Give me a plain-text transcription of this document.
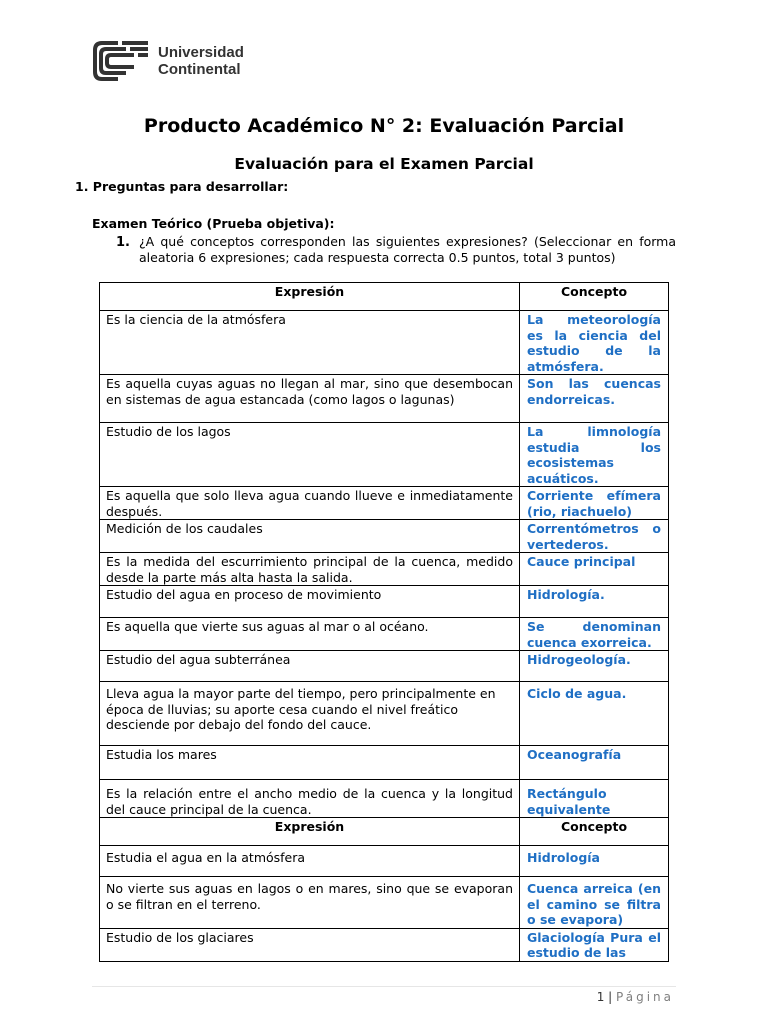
Universidad
Continental
Producto Académico N° 2: Evaluación Parcial
Evaluación para el Examen Parcial
1. Preguntas para desarrollar:
Examen Teórico (Prueba objetiva):
1. ¿A qué conceptos corresponden las siguientes expresiones? (Seleccionar en forma aleatoria 6 expresiones; cada respuesta correcta 0.5 puntos, total 3 puntos)
Expresión	Concepto
Es la ciencia de la atmósfera	La meteorología es la ciencia del estudio de la atmósfera.
Es aquella cuyas aguas no llegan al mar, sino que desembocan en sistemas de agua estancada (como lagos o lagunas)	Son las cuencas endorreicas.
Estudio de los lagos	La limnología estudia los ecosistemas acuáticos.
Es aquella que solo lleva agua cuando llueve e inmediatamente después.	Corriente efímera (rio, riachuelo)
Medición de los caudales	Correntómetros o vertederos.
Es la medida del escurrimiento principal de la cuenca, medido desde la parte más alta hasta la salida.	Cauce principal
Estudio del agua en proceso de movimiento	Hidrología.
Es aquella que vierte sus aguas al mar o al océano.	Se denominan cuenca exorreica.
Estudio del agua subterránea	Hidrogeología.

Lleva agua la mayor parte del tiempo, pero principalmente en época de lluvias; su aporte cesa cuando el nivel freático
desciende por debajo del fondo del cauce.	Ciclo de agua.
Estudia los mares	Oceanografía
Es la relación entre el ancho medio de la cuenca y la longitud del cauce principal de la cuenca.	Rectángulo equivalente
Expresión	Concepto
Estudia el agua en la atmósfera	Hidrología
No vierte sus aguas en lagos o en mares, sino que se evaporan o se filtran en el terreno.	Cuenca arreica (en el camino se filtra o se evapora)
Estudio de los glaciares	Glaciología Pura el estudio de las
1 | Página
